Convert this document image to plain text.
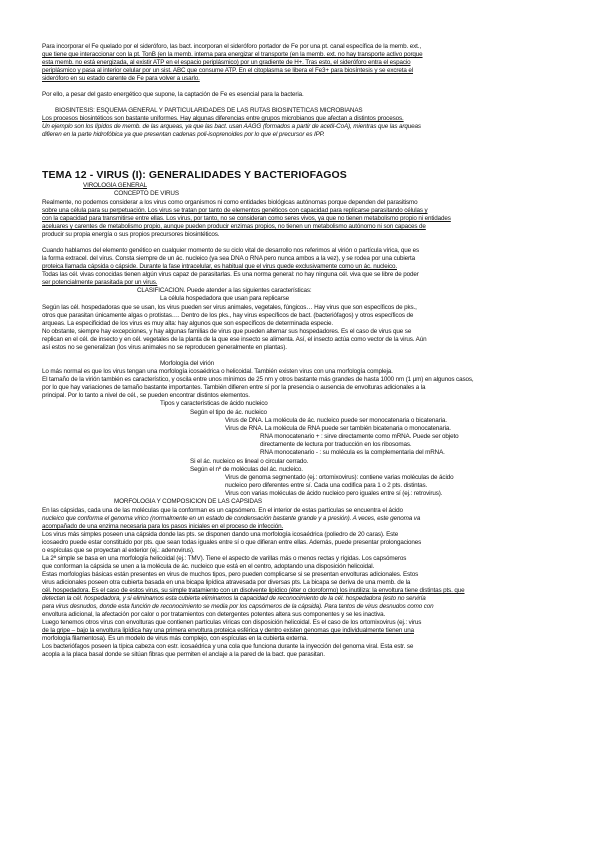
Para incorporar el Fe quelado por el sideróforo, las bact. incorporan el sideróforo portador de Fe por una pt. canal específica de la memb. ext.,
que tiene que interaccionar con la pt. TonB (en la memb. interna para energizar el transporte (en la memb. ext. no hay transporte activo porque
esta memb. no está energizada, al existir ATP en el espacio periplásmico) por un gradiente de H+. Tras esto, el sideróforo entra el espacio
periplásmico y pasa al interior celular por un sist. ABC que consume ATP. En el citoplasma se libera el Fe3+ para biosíntesis y se excreta el
sideróforo en su estado carente de Fe para volver a usarlo.
Por ello, a pesar del gasto energético que supone, la captación de Fe es esencial para la bacteria.
● BIOSÍNTESIS: ESQUEMA GENERAL Y PARTICULARIDADES DE LAS RUTAS BIOSINTÉTICAS MICROBIANAS
Los procesos biosintéticos son bastante uniformes. Hay algunas diferencias entre grupos microbianos que afectan a distintos procesos.
Un ejemplo son los lípidos de memb. de las arqueas, ya que las bact. usan AAGG (formados a partir de acetil-CoA), mientras que las arqueas
difieren en la parte hidrofóbica ya que presentan cadenas poli-isoprenoides por lo que el precursor es IPP.
TEMA 12 - VIRUS (I): GENERALIDADES Y BACTERIOFAGOS
● VIROLOGÍA GENERAL
○ CONCEPTO DE VIRUS
Realmente, no podemos considerar a los virus como organismos ni como entidades biológicas autónomas porque dependen del parasitismo
sobre una célula para su perpetuación. Los virus se tratan por tanto de elementos genéticos con capacidad para replicarse parasitando células y
con la capacidad para transmitirse entre ellas. Los virus, por tanto, no se consideran como seres vivos, ya que no tienen metabolismo propio ni entidades
aceluares y carentes de metabolismo propio, aunque pueden producir enzimas propios, no tienen un metabolismo autónomo ni son capaces de
producir su propia energía o sus propios precursores biosintéticos.
Cuando hablamos del elemento genético en cualquier momento de su ciclo vital de desarrollo nos referimos al virión o partícula vírica, que es
la forma extracel. del virus. Consta siempre de un ác. nucleico (ya sea DNA o RNA pero nunca ambos a la vez), y se rodea por una cubierta
proteica llamada cápsida o cápside. Durante la fase intracelular, es habitual que el virus quede exclusivamente como un ác. nucleico.
Todas las cél. vivas conocidas tienen algún virus capaz de parasitarlas. Es una norma general: no hay ninguna cél. viva que se libre de poder
ser potencialmente parasitada por un virus.
○ CLASIFICACIÓN. Puede atender a las siguientes características:
■ La célula hospedadora que usan para replicarse
Según las cél. hospedadoras que se usan, los virus pueden ser virus animales, vegetales, fúngicos… Hay virus que son específicos de pks.,
otros que parasitan únicamente algas o protistas…. Dentro de los pks., hay virus específicos de bact. (bacteriófagos) y otros específicos de
arqueas. La especificidad de los virus es muy alta: hay algunos que son específicos de determinada especie.
No obstante, siempre hay excepciones, y hay algunas familias de virus que pueden alternar sus hospedadores. Es el caso de virus que se
replican en el cél. de insecto y en cél. vegetales de la planta de la que ese insecto se alimenta. Así, el insecto actúa como vector de la virus. Aún
así estos no se generalizan (los virus animales no se reproducen generalmente en plantas).
■ Morfología del virión
Lo más normal es que los virus tengan una morfología icosaédrica o helicoidal. También existen virus con una morfología compleja.
El tamaño de la virión también es característico, y oscila entre unos mínimos de 25 nm y otros bastante más grandes de hasta 1000 nm (1 μm) en algunos casos,
por lo que hay variaciones de tamaño bastante importantes. También difieren entre sí por la presencia o ausencia de envolturas adicionales a la
principal. Por lo tanto a nivel de cél., se pueden encontrar distintos elementos.
■ Tipos y características de ácido nucleico
○ Según el tipo de ác. nucleico
■ Virus de DNA. La molécula de ác. nucleico puede ser monocatenaria o bicatenaria.
■ Virus de RNA. La molécula de RNA puede ser también bicatenaria o monocatenaria.
● RNA monocatenario + : sirve directamente como mRNA. Puede ser objeto
directamente de lectura por traducción en los ribosomas.
● RNA monocatenario - : su molécula es la complementaria del mRNA.
○ Si el ác. nucleico es lineal o circular cerrado.
○ Según el nº de moléculas del ác. nucleico.
■ Virus de genoma segmentado (ej.: ortomixovirus): contiene varias moléculas de ácido
nucleico pero diferentes entre sí. Cada una codifica para 1 o 2 pts. distintas.
■ Virus con varias moléculas de ácido nucleico pero iguales entre sí (ej.: retrovirus).
○ MORFOLOGÍA Y COMPOSICIÓN DE LAS CÁPSIDAS
En las cápsidas, cada una de las moléculas que la conforman es un capsómero. En el interior de estas partículas se encuentra el ácido
nucleico que conforma el genoma vírico (normalmente en un estado de condensación bastante grande y a presión). A veces, este genoma va
acompañado de una enzima necesaria para los pasos iniciales en el proceso de infección.
Los virus más simples poseen una cápsida donde las pts. se disponen dando una morfología icosaédrica (poliedro de 20 caras). Este
icosaedro puede estar constituido por pts. que sean todas iguales entre sí o que difieran entre ellas. Además, puede presentar prolongaciones
o espículas que se proyectan al exterior (ej.: adenovirus).
La 2ª simple se basa en una morfología helicoidal (ej.: TMV). Tiene el aspecto de varillas más o menos rectas y rígidas. Los capsómeros
que conforman la cápsida se unen a la molécula de ác. nucleico que está en el centro, adoptando una disposición helicoidal.
Estas morfologías básicas están presentes en virus de muchos tipos, pero pueden complicarse si se presentan envolturas adicionales. Estos
virus adicionales poseen otra cubierta basada en una bicapa lipídica atravesada por diversas pts. La bicapa se deriva de una memb. de la
cél. hospedadora. Es el caso de estos virus, su simple tratamiento con un disolvente lipídico (éter o cloroformo) los inutiliza: la envoltura tiene distintas pts. que
detectan la cél. hospedadora, y si eliminamos esta cubierta eliminamos la capacidad de reconocimiento de la cél. hospedadora (esto no serviría
para virus desnudos, donde esta función de reconocimiento se media por los capsómeros de la cápsida). Para tantos de virus desnudos como con
envoltura adicional, la afectación por calor o por tratamientos con detergentes potentes altera sus componentes y se les inactiva.
Luego tenemos otros virus con envolturas que contienen partículas víricas con disposición helicoidal. Es el caso de los ortomixovirus (ej.: virus
de la gripe – bajo la envoltura lipídica hay una primera envoltura proteica esférica y dentro existen genomas que individualmente tienen una
morfología filamentosa). Es un modelo de virus más complejo, con espículas en la cubierta externa.
Los bacteriófagos poseen la típica cabeza con estr. icosaédrica y una cola que funciona durante la inyección del genoma viral. Esta estr. se
acopla a la placa basal donde se sitúan fibras que permiten el anclaje a la pared de la bact. que parasitan.
